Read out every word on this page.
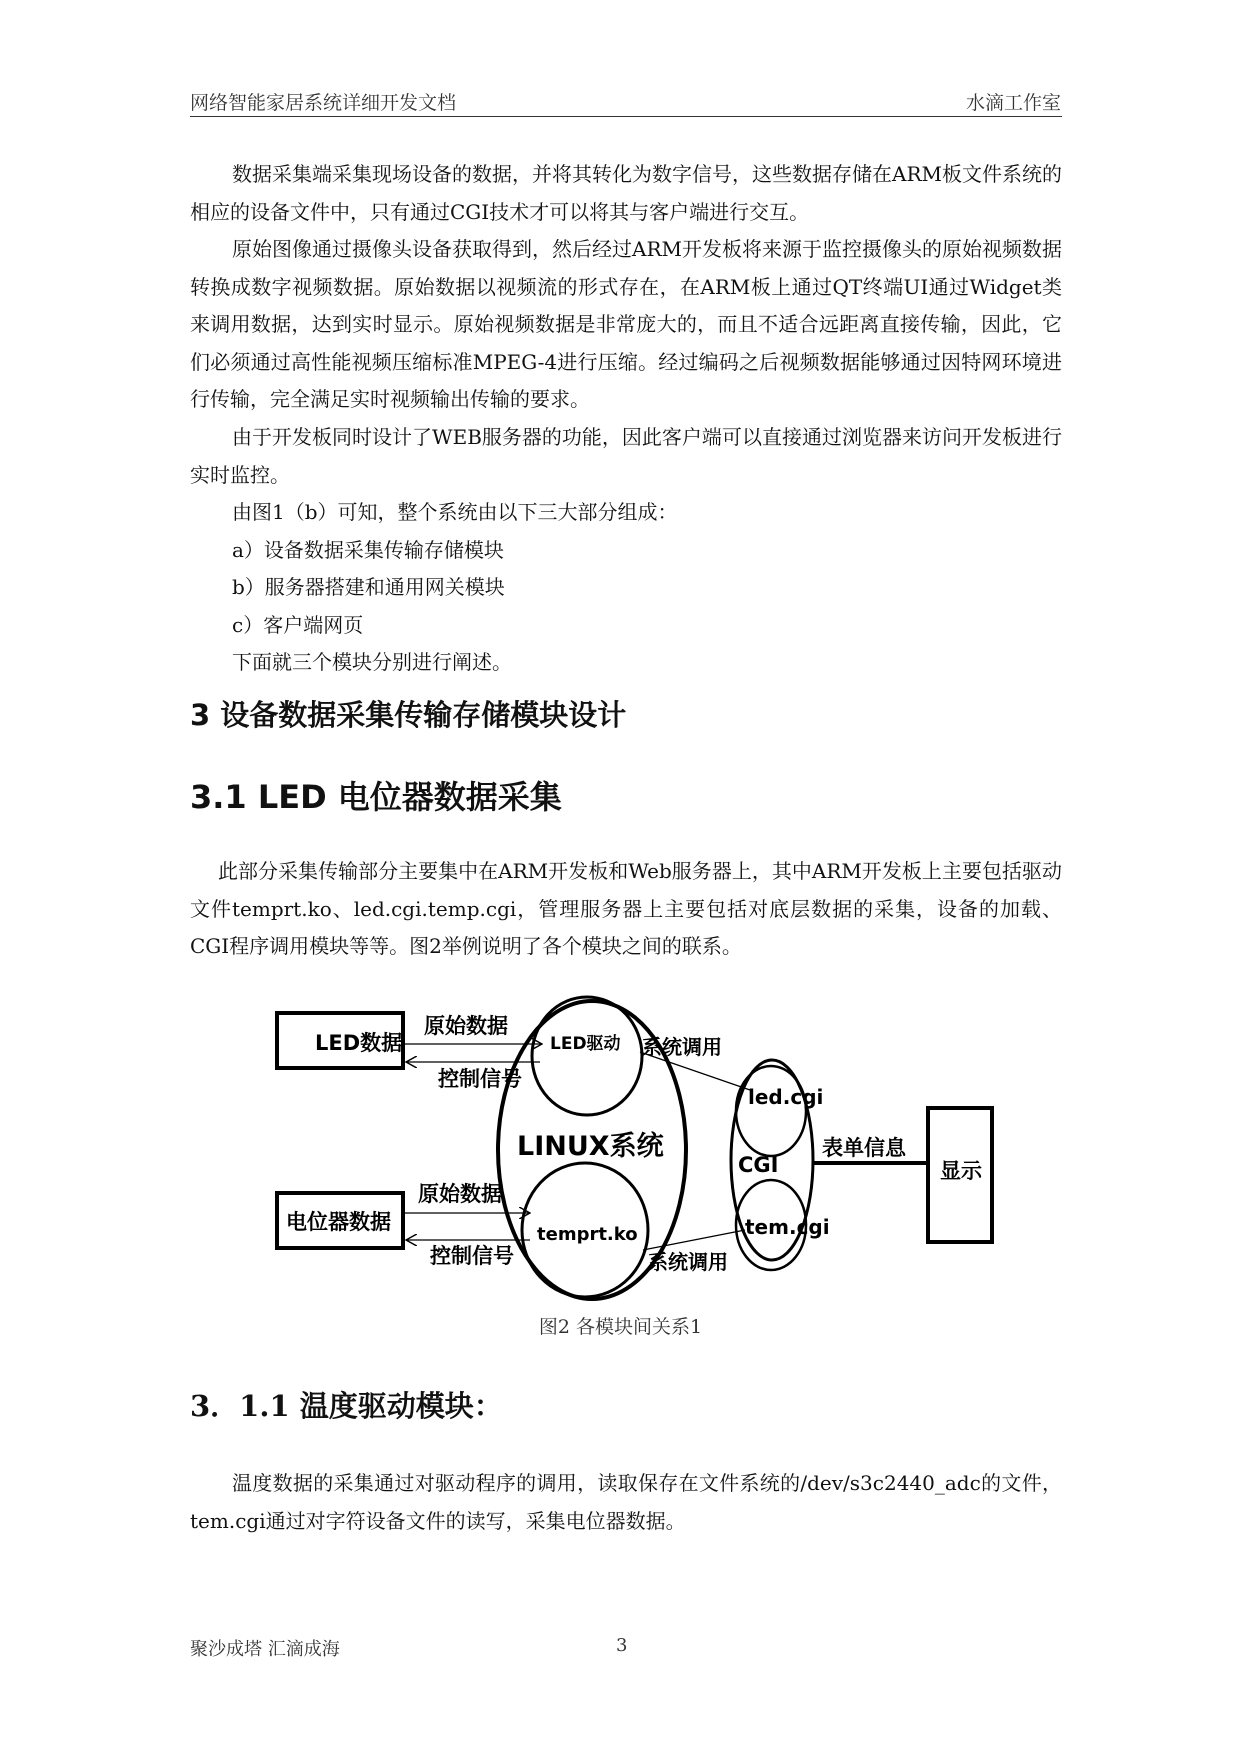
网络智能家居系统详细开发文档	水滴工作室

数据采集端采集现场设备的数据，并将其转化为数字信号，这些数据存储在ARM板文件系统的相应的设备文件中，只有通过CGI技术才可以将其与客户端进行交互。

原始图像通过摄像头设备获取得到，然后经过ARM开发板将来源于监控摄像头的原始视频数据转换成数字视频数据。原始数据以视频流的形式存在，在ARM板上通过QT终端UI通过Widget类来调用数据，达到实时显示。原始视频数据是非常庞大的，而且不适合远距离直接传输，因此，它们必须通过高性能视频压缩标准MPEG-4进行压缩。经过编码之后视频数据能够通过因特网环境进行传输，完全满足实时视频输出传输的要求。

由于开发板同时设计了WEB服务器的功能，因此客户端可以直接通过浏览器来访问开发板进行实时监控。

由图1（b）可知，整个系统由以下三大部分组成：

a）设备数据采集传输存储模块

b）服务器搭建和通用网关模块

c）客户端网页

下面就三个模块分别进行阐述。

3 设备数据采集传输存储模块设计
3.1 LED 电位器数据采集

此部分采集传输部分主要集中在ARM开发板和Web服务器上，其中ARM开发板上主要包括驱动文件temprt.ko、led.cgi.temp.cgi，管理服务器上主要包括对底层数据的采集，设备的加载、CGI程序调用模块等等。图2举例说明了各个模块之间的联系。

LED数据
电位器数据
原始数据
控制信号
原始数据
控制信号
LED驱动
temprt.ko
LINUX系统
系统调用
系统调用
led.cgi
tem.cgi
CGI
表单信息
显示
图2 各模块间关系1
3．1.1 温度驱动模块：

温度数据的采集通过对驱动程序的调用，读取保存在文件系统的/dev/s3c2440_adc的文件，tem.cgi通过对字符设备文件的读写，采集电位器数据。

聚沙成塔 汇滴成海	3
